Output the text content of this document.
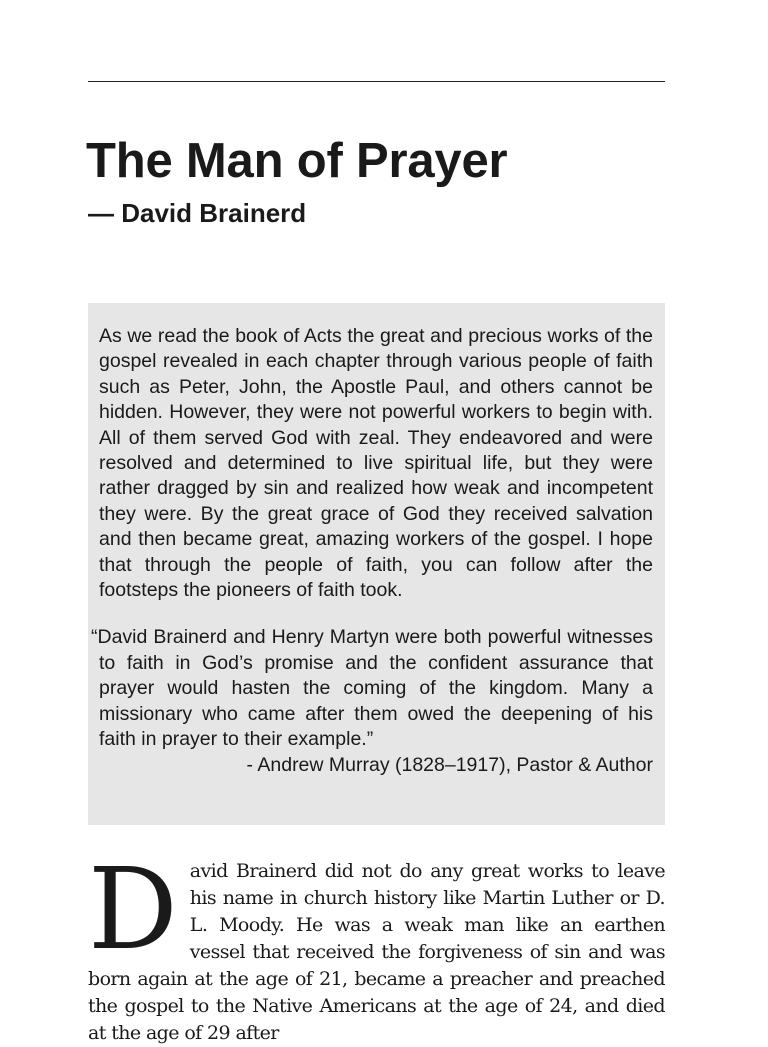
The Man of Prayer
— David Brainerd

As we read the book of Acts the great and precious works of the gospel revealed in each chapter through various people of faith such as Peter, John, the Apostle Paul, and others cannot be hidden. However, they were not powerful workers to begin with. All of them served God with zeal. They endeavored and were resolved and determined to live spiritual life, but they were rather dragged by sin and realized how weak and incompetent they were. By the great grace of God they received salvation and then became great, amazing workers of the gospel. I hope that through the people of faith, you can follow after the footsteps the pioneers of faith took.

“David Brainerd and Henry Martyn were both powerful witnesses to faith in God’s promise and the confident assurance that prayer would hasten the coming of the kingdom. Many a missionary who came after them owed the deepening of his faith in prayer to their example.”

- Andrew Murray (1828–1917), Pastor & Author

David Brainerd did not do any great works to leave his name in church history like Martin Luther or D. L. Moody. He was a weak man like an earthen vessel that received the forgiveness of sin and was born again at the age of 21, became a preacher and preached the gospel to the Native Americans at the age of 24, and died at the age of 29 after
